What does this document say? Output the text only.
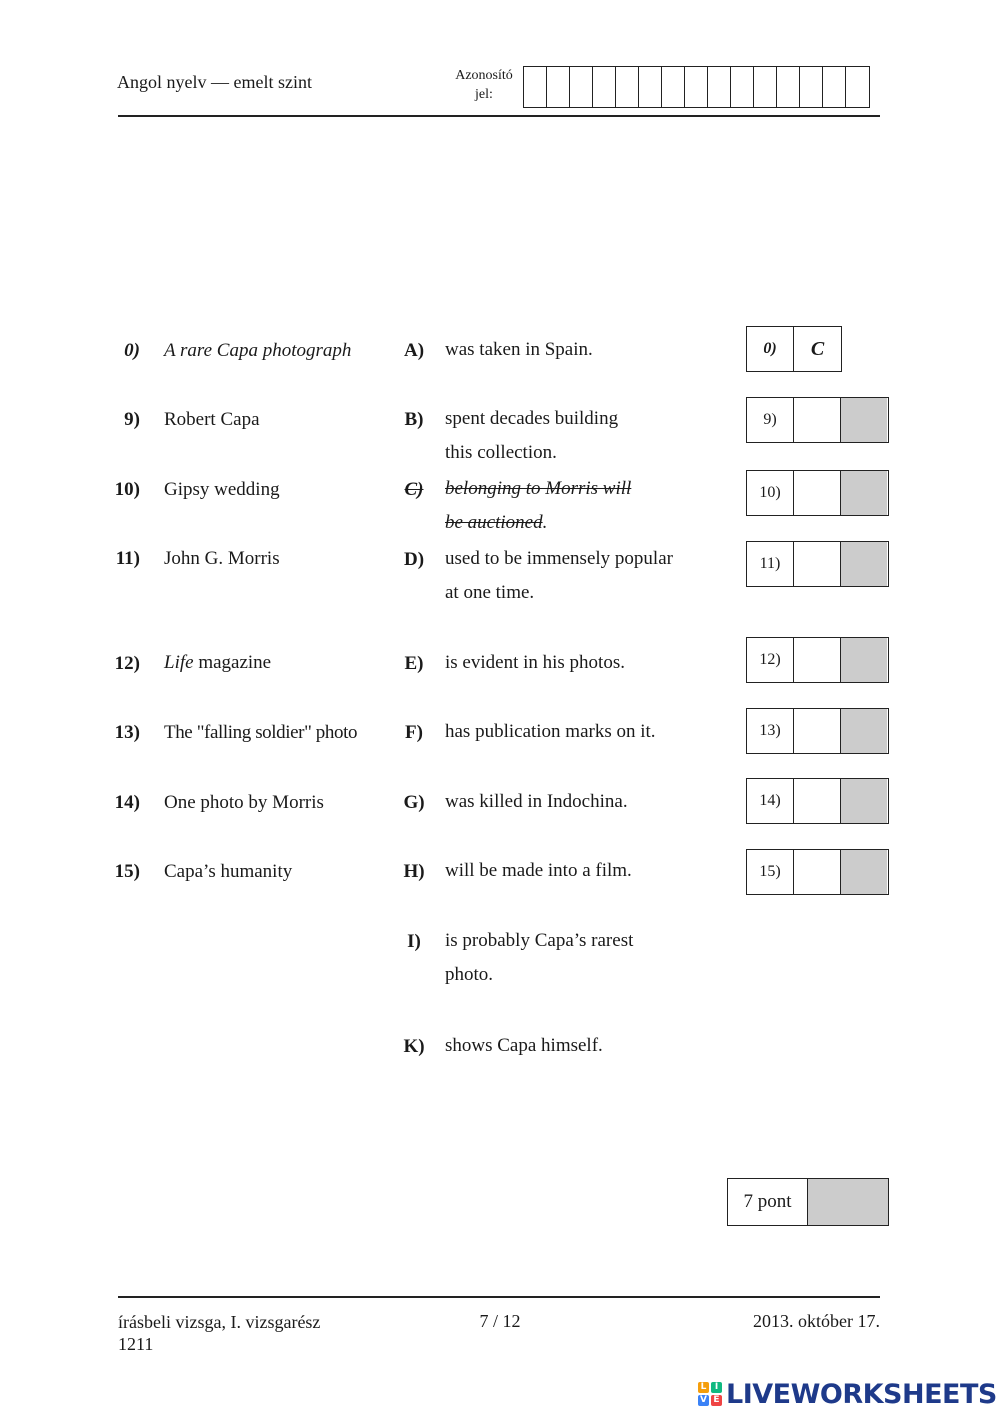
Angol nyelv — emelt szint	Azonosító
jel:
0) A rare Capa photograph	A)	was taken in Spain.
9) Robert Capa	B)	spent decades building
this collection.
10) Gipsy wedding	C)	belonging to Morris will
be auctioned.
11) John G. Morris	D)	used to be immensely popular
at one time.
12) Life magazine	E)	is evident in his photos.
13) The "falling soldier" photo	F)	has publication marks on it.
14) One photo by Morris	G)	was killed in Indochina.
15) Capa’s humanity	H)	will be made into a film.
I)	is probably Capa’s rarest
photo.
K)	shows Capa himself.
0)	C
9)
10)
11)
12)
13)
14)
15)
7 pont
írásbeli vizsga, I. vizsgarész
1211
7 / 12	2013. október 17.
L I
V E LIVEWORKSHEETS
